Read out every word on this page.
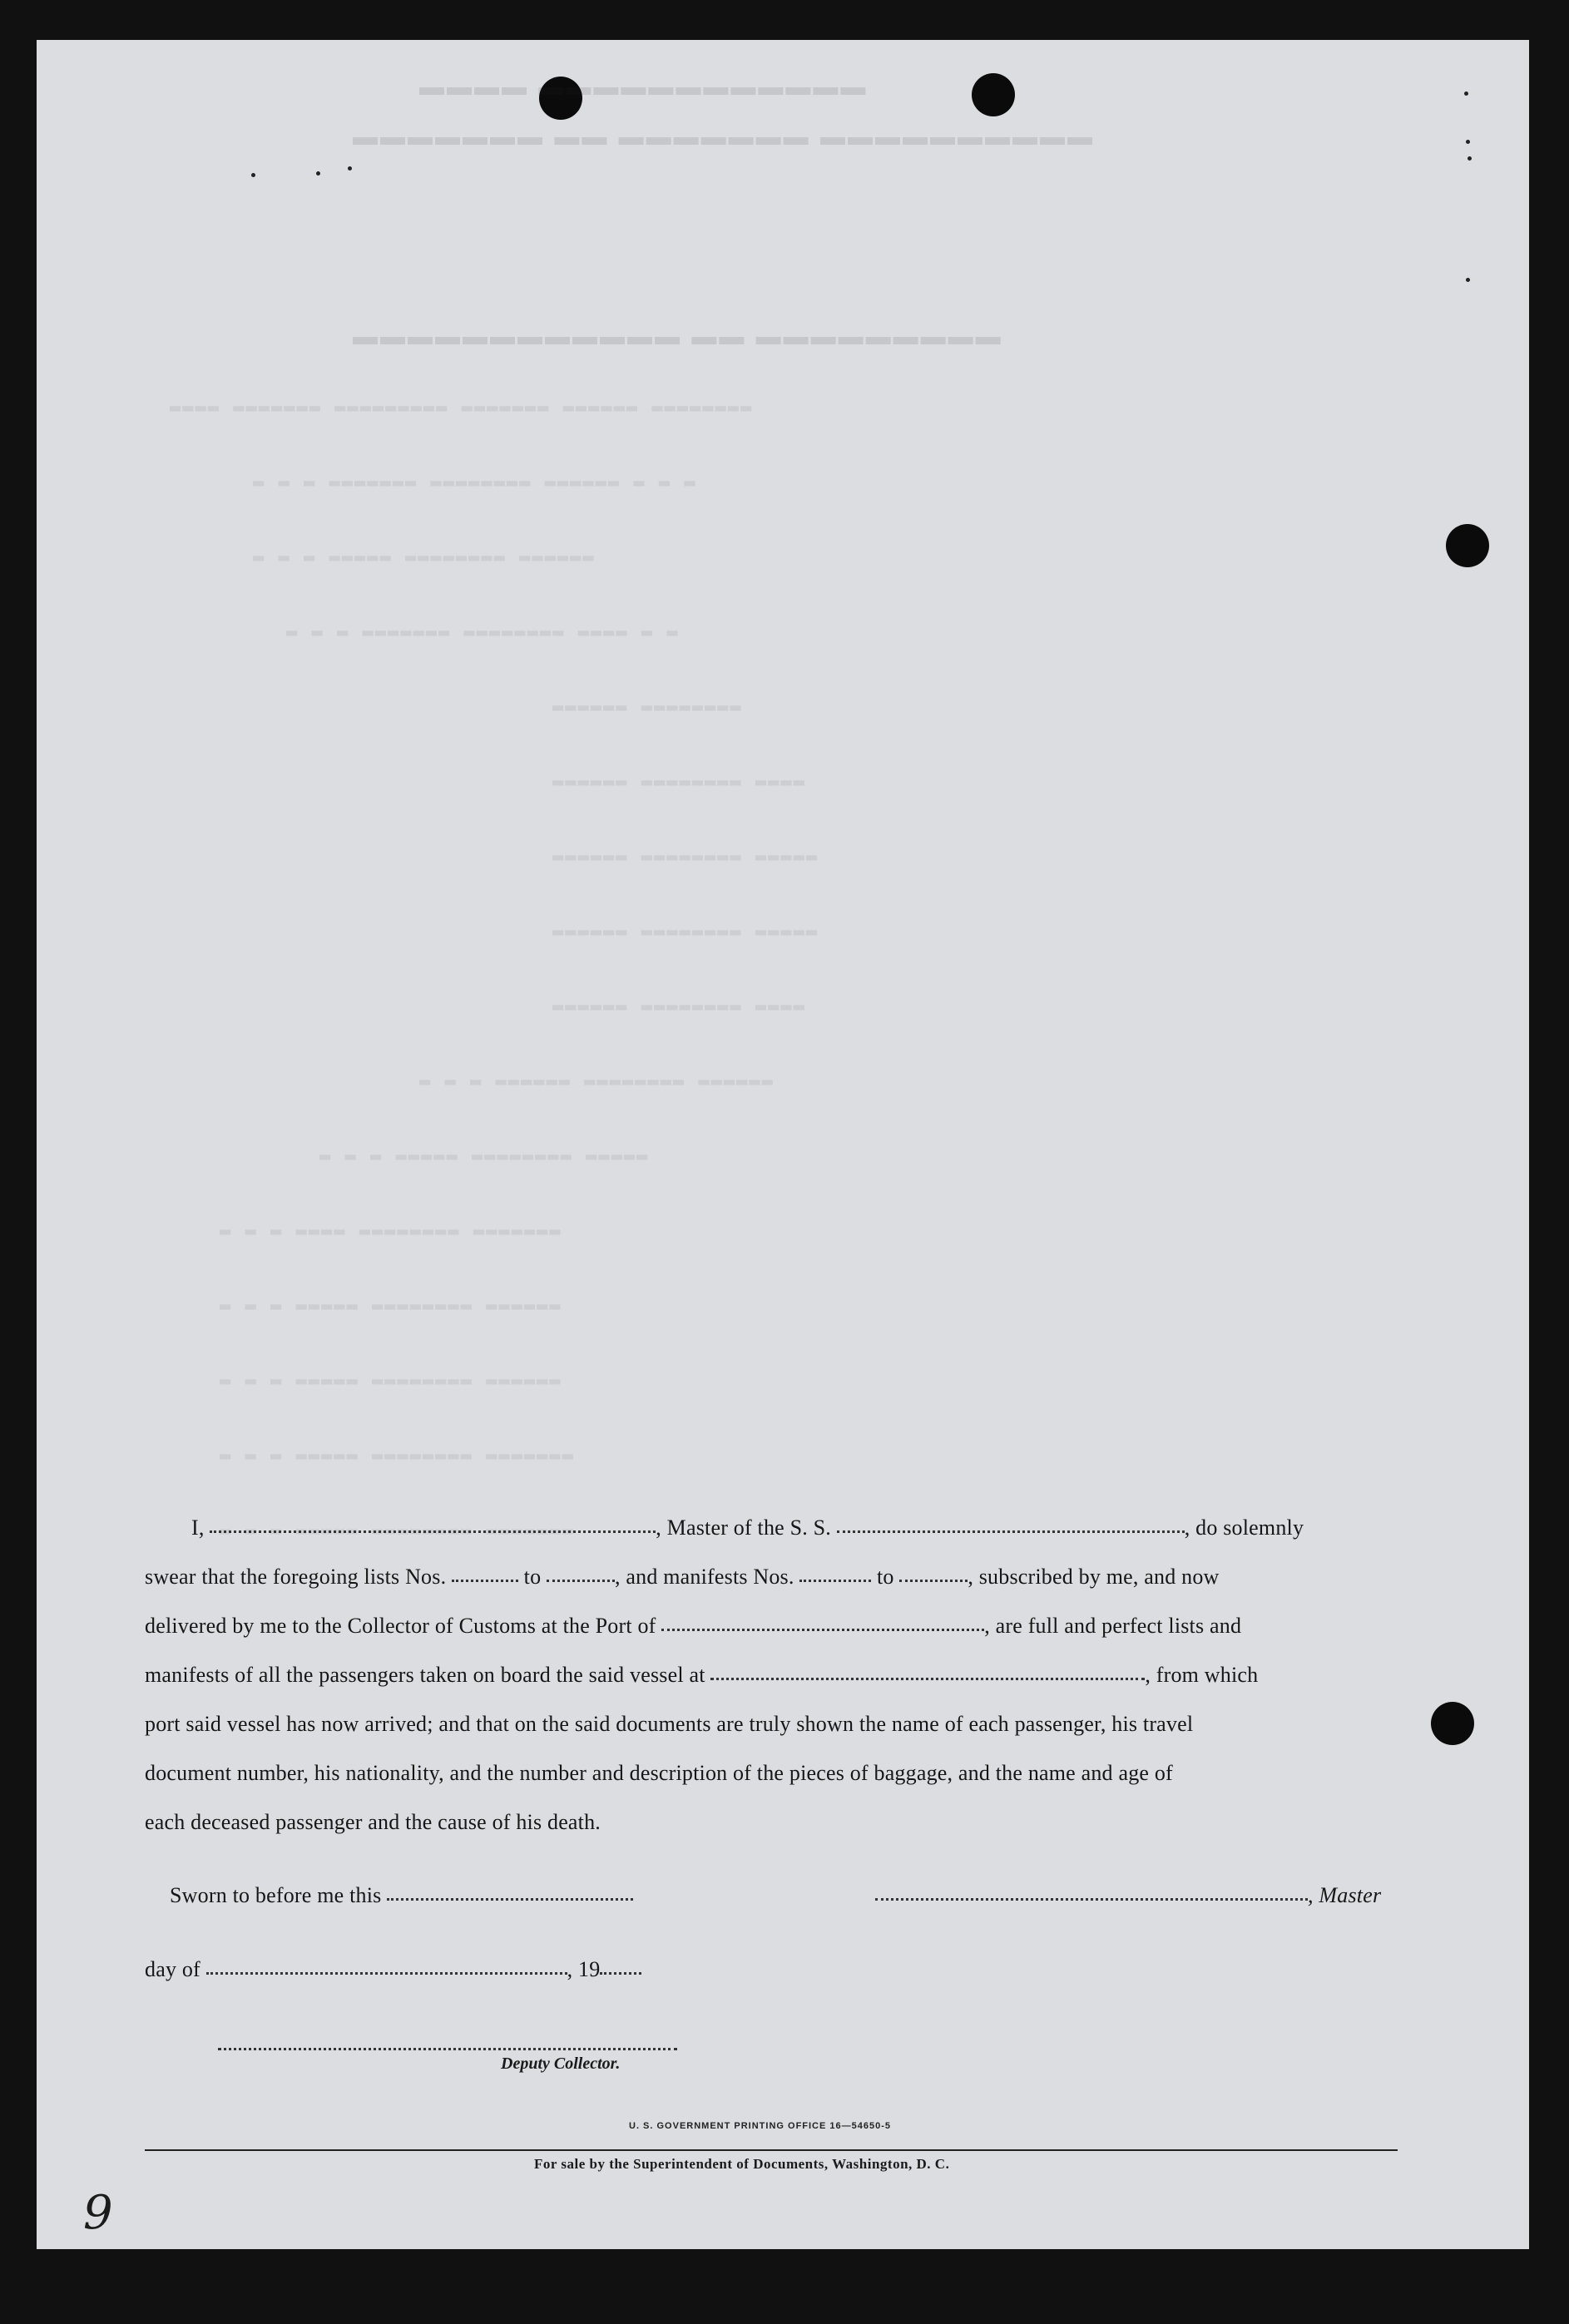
▬▬▬▬ ▬▬▬▬▬▬▬▬▬▬▬▬
▬▬▬▬▬▬▬ ▬▬ ▬▬▬▬▬▬▬ ▬▬▬▬▬▬▬▬▬▬
▬▬▬▬▬▬▬▬▬▬▬▬ ▬▬ ▬▬▬▬▬▬▬▬▬
▬▬▬▬ ▬▬▬▬▬▬▬ ▬▬▬▬▬▬▬▬▬ ▬▬▬▬▬▬▬ ▬▬▬▬▬▬ ▬▬▬▬▬▬▬▬
▬ ▬ ▬ ▬▬▬▬▬▬▬ ▬▬▬▬▬▬▬▬ ▬▬▬▬▬▬ ▬ ▬ ▬
▬ ▬ ▬ ▬▬▬▬▬ ▬▬▬▬▬▬▬▬ ▬▬▬▬▬▬
▬ ▬ ▬ ▬▬▬▬▬▬▬ ▬▬▬▬▬▬▬▬ ▬▬▬▬ ▬ ▬
▬▬▬▬▬▬ ▬▬▬▬▬▬▬▬
▬▬▬▬▬▬ ▬▬▬▬▬▬▬▬ ▬▬▬▬
▬▬▬▬▬▬ ▬▬▬▬▬▬▬▬ ▬▬▬▬▬
▬▬▬▬▬▬ ▬▬▬▬▬▬▬▬ ▬▬▬▬▬
▬▬▬▬▬▬ ▬▬▬▬▬▬▬▬ ▬▬▬▬
▬ ▬ ▬ ▬▬▬▬▬▬ ▬▬▬▬▬▬▬▬ ▬▬▬▬▬▬
▬ ▬ ▬ ▬▬▬▬▬ ▬▬▬▬▬▬▬▬ ▬▬▬▬▬
▬ ▬ ▬ ▬▬▬▬ ▬▬▬▬▬▬▬▬ ▬▬▬▬▬▬▬
▬ ▬ ▬ ▬▬▬▬▬ ▬▬▬▬▬▬▬▬ ▬▬▬▬▬▬
▬ ▬ ▬ ▬▬▬▬▬ ▬▬▬▬▬▬▬▬ ▬▬▬▬▬▬
▬ ▬ ▬ ▬▬▬▬▬ ▬▬▬▬▬▬▬▬ ▬▬▬▬▬▬▬
▬ ▬ ▬ ▬▬▬▬▬ ▬▬▬▬▬▬▬▬ ▬▬▬▬▬▬▬
I,	, Master of the S. S.	, do solemnly
swear that the foregoing lists Nos.	to	, and manifests Nos.	to	, subscribed by me, and now
delivered by me to the Collector of Customs at the Port of	, are full and perfect lists and
manifests of all the passengers taken on board the said vessel at	, from which
port said vessel has now arrived; and that on the said documents are truly shown the name of each passenger, his travel
document number, his nationality, and the number and description of the pieces of baggage, and the name and age of
each deceased passenger and the cause of his death.
Sworn to before me this	, Master
day of	, 19
Deputy Collector.
U. S. GOVERNMENT PRINTING OFFICE 16—54650-5
For sale by the Superintendent of Documents, Washington, D. C.
9
